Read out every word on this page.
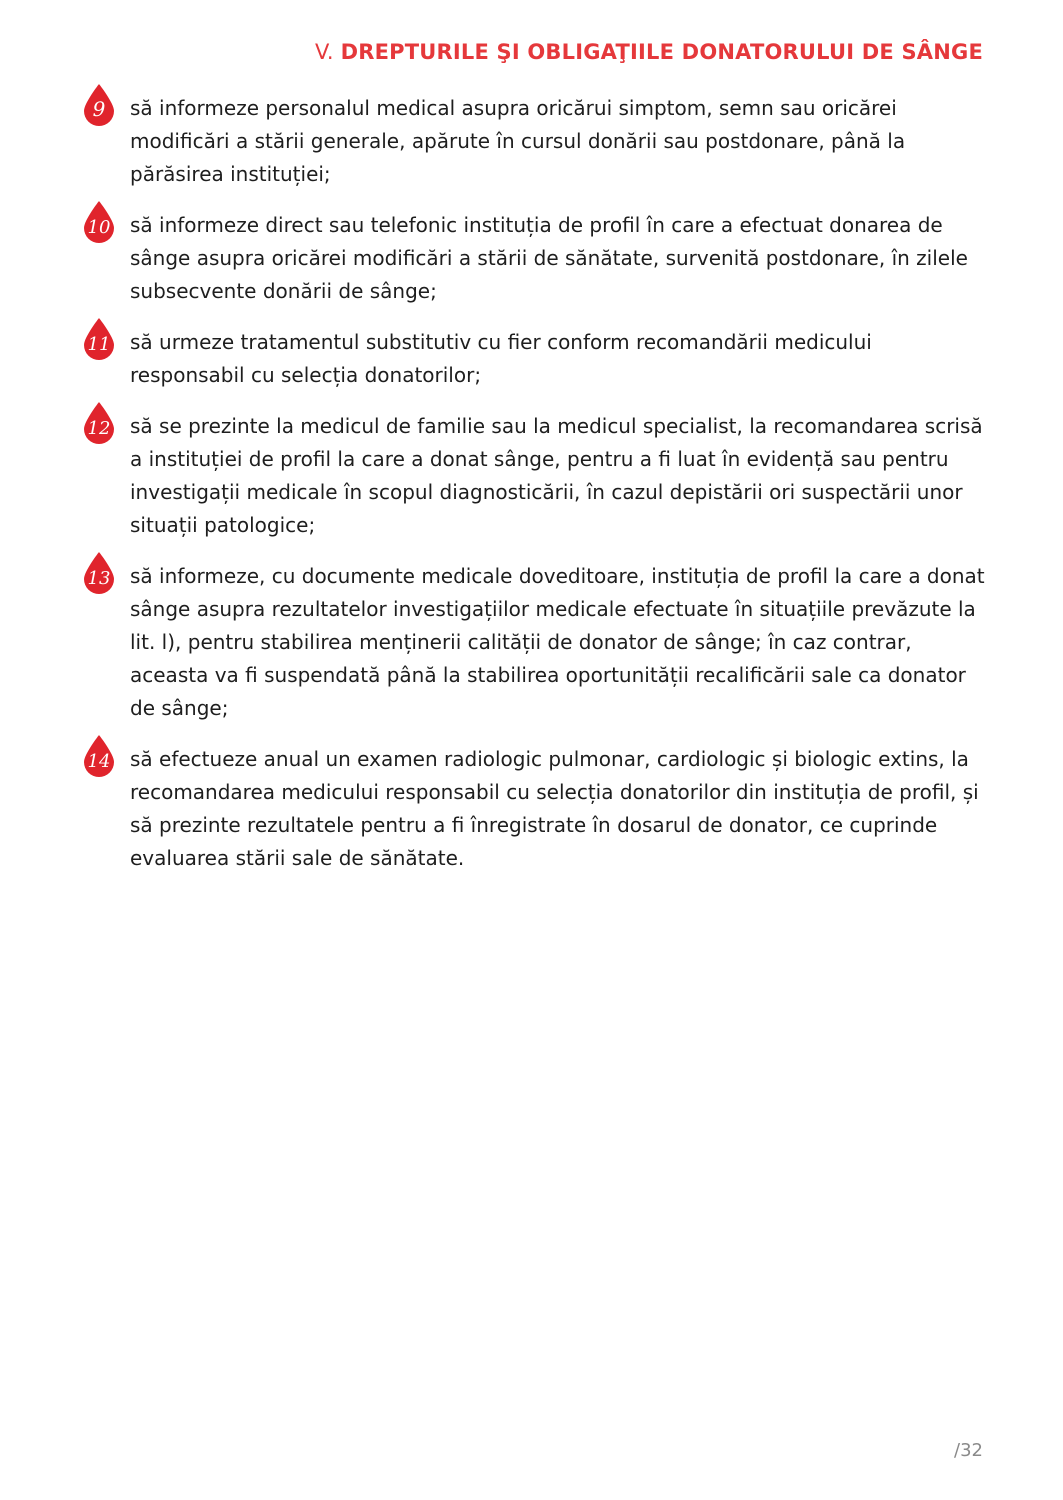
V. DREPTURILE ŞI OBLIGAŢIILE DONATORULUI DE SÂNGE
9 să informeze personalul medical asupra oricărui simptom, semn sau oricărei modificări a stării generale, apărute în cursul donării sau postdonare, până la părăsirea instituției;

10 să informeze direct sau telefonic instituția de profil în care a efectuat donarea de sânge asupra oricărei modificări a stării de sănătate, survenită postdonare, în zilele subsecvente donării de sânge;

11 să urmeze tratamentul substitutiv cu fier conform recomandării medicului responsabil cu selecția donatorilor;

12 să se prezinte la medicul de familie sau la medicul specialist, la recomandarea scrisă a instituției de profil la care a donat sânge, pentru a fi luat în evidență sau pentru investigații medicale în scopul diagnosticării, în cazul depistării ori suspectării unor situații patologice;

13 să informeze, cu documente medicale doveditoare, instituția de profil la care a donat sânge asupra rezultatelor investigațiilor medicale efectuate în situațiile prevăzute la lit. l), pentru stabilirea menținerii calității de donator de sânge; în caz contrar, aceasta va fi suspendată până la stabilirea oportunității recalificării sale ca donator de sânge;

14 să efectueze anual un examen radiologic pulmonar, cardiologic și biologic extins, la recomandarea medicului responsabil cu selecția donatorilor din instituția de profil, și să prezinte rezultatele pentru a fi înregistrate în dosarul de donator, ce cuprinde evaluarea stării sale de sănătate.

/32
